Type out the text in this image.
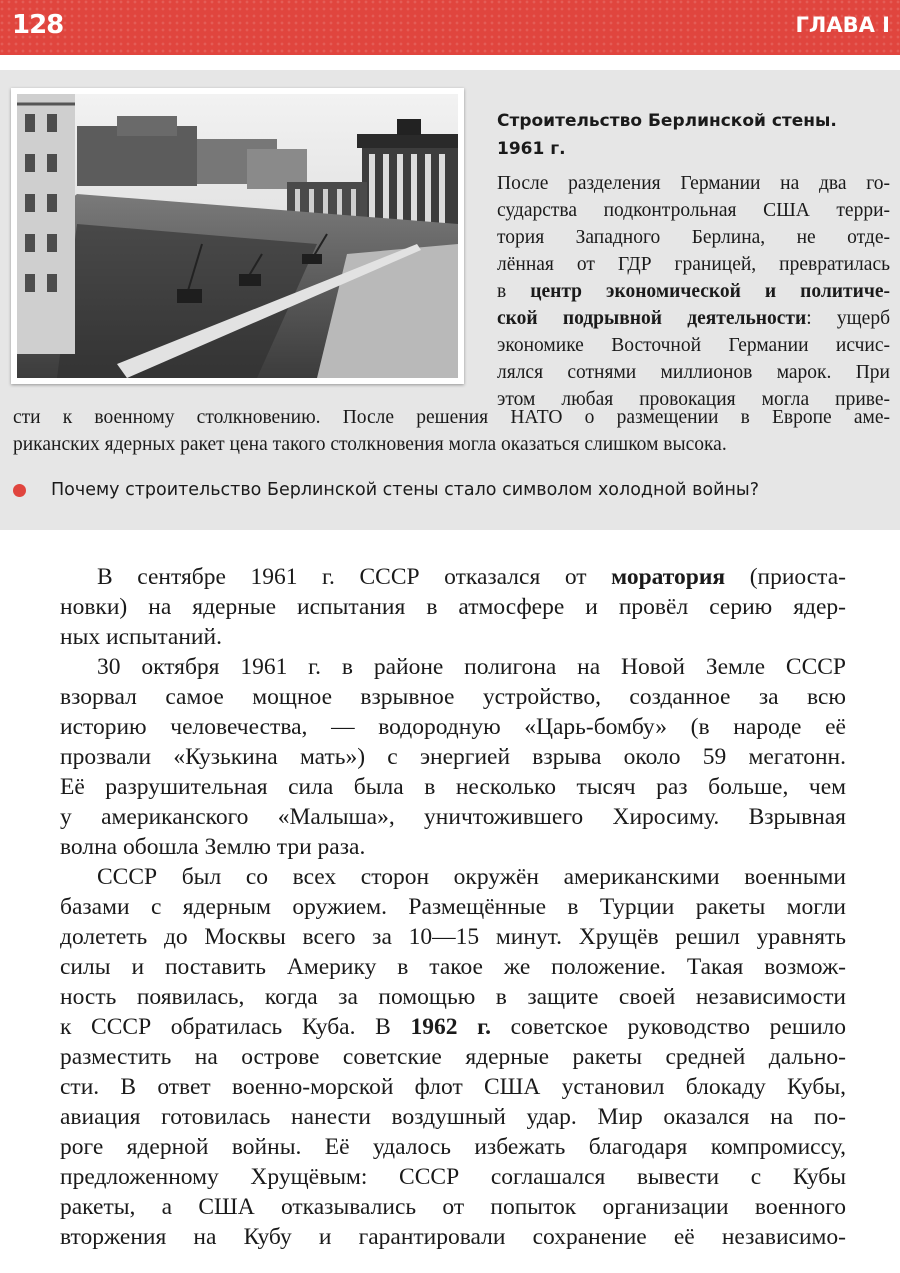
128	ГЛАВА I
Строительство Берлинской стены.
1961 г.
После разделения Германии на два го-
сударства подконтрольная США терри-
тория Западного Берлина, не отде-
лённая от ГДР границей, превратилась
в центр экономической и политиче-
ской подрывной деятельности: ущерб
экономике Восточной Германии исчис-
лялся сотнями миллионов марок. При
этом любая провокация могла приве-
сти к военному столкновению. После решения НАТО о размещении в Европе аме-
риканских ядерных ракет цена такого столкновения могла оказаться слишком высока.
Почему строительство Берлинской стены стало символом холодной войны?
В сентябре 1961 г. СССР отказался от моратория (приоста-
новки) на ядерные испытания в атмосфере и провёл серию ядер-
ных испытаний.
30 октября 1961 г. в районе полигона на Новой Земле СССР
взорвал самое мощное взрывное устройство, созданное за всю
историю человечества, — водородную «Царь-бомбу» (в народе её
прозвали «Кузькина мать») с энергией взрыва около 59 мегатонн.
Её разрушительная сила была в несколько тысяч раз больше, чем
у американского «Малыша», уничтожившего Хиросиму. Взрывная
волна обошла Землю три раза.
СССР был со всех сторон окружён американскими военными
базами с ядерным оружием. Размещённые в Турции ракеты могли
долететь до Москвы всего за 10—15 минут. Хрущёв решил уравнять
силы и поставить Америку в такое же положение. Такая возмож-
ность появилась, когда за помощью в защите своей независимости
к СССР обратилась Куба. В 1962 г. советское руководство решило
разместить на острове советские ядерные ракеты средней дально-
сти. В ответ военно-морской флот США установил блокаду Кубы,
авиация готовилась нанести воздушный удар. Мир оказался на по-
роге ядерной войны. Её удалось избежать благодаря компромиссу,
предложенному Хрущёвым: СССР соглашался вывести с Кубы
ракеты, а США отказывались от попыток организации военного
вторжения на Кубу и гарантировали сохранение её независимо-
